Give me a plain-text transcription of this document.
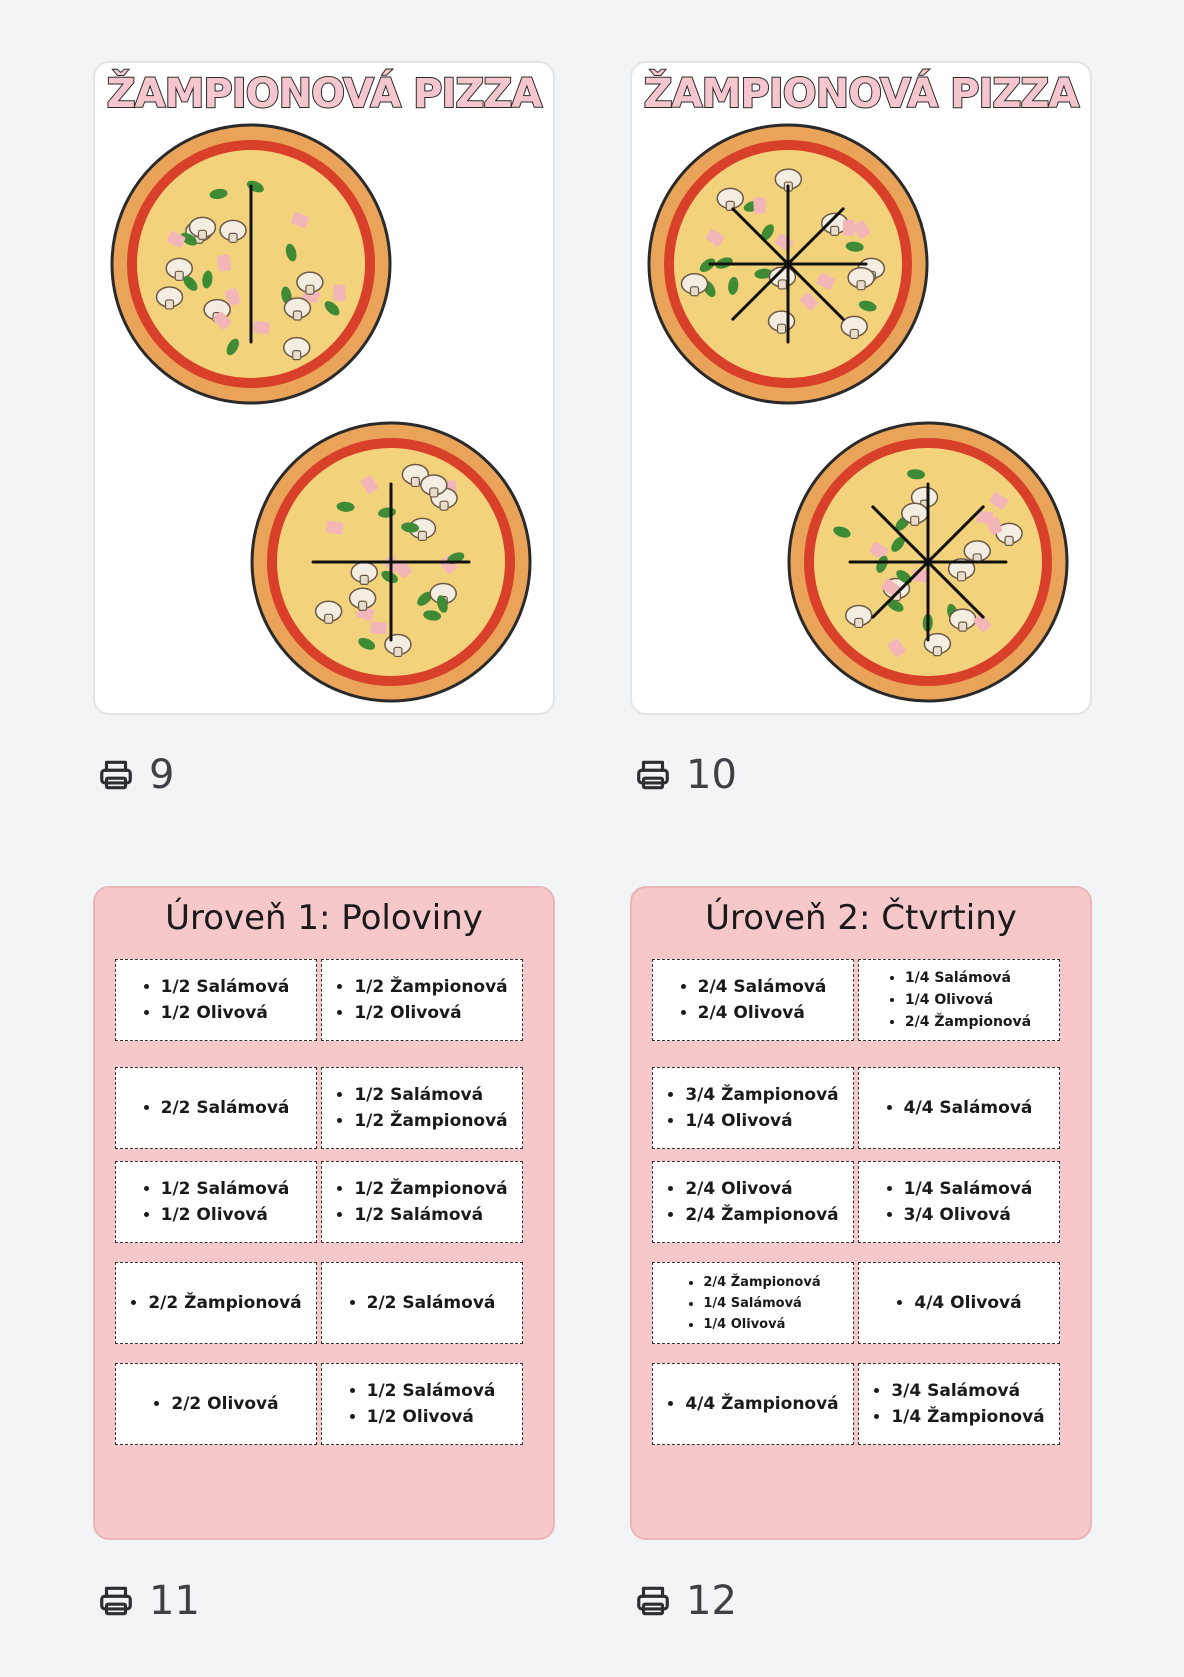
ŽAMPIONOVÁ PIZZA
9
ŽAMPIONOVÁ PIZZA
10
Úroveň 1: Poloviny
• 1/2 Salámová
• 1/2 Olivová
• 1/2 Žampionová
• 1/2 Olivová
• 2/2 Salámová
• 1/2 Salámová
• 1/2 Žampionová
• 1/2 Salámová
• 1/2 Olivová
• 1/2 Žampionová
• 1/2 Salámová
• 2/2 Žampionová
•	2/2 Salámová
• 2/2 Olivová
• 1/2 Salámová
• 1/2 Olivová
11
Úroveň 2: Čtvrtiny
• 2/4 Salámová
• 2/4 Olivová
• 1/4 Salámová
• 1/4 Olivová
• 2/4 Žampionová
• 3/4 Žampionová
• 1/4 Olivová
• 4/4 Salámová
• 2/4 Olivová
• 2/4 Žampionová
• 1/4 Salámová
• 3/4 Olivová
• 2/4 Žampionová
• 1/4 Salámová
• 1/4 Olivová
• 4/4 Olivová
• 4/4 Žampionová
• 3/4 Salámová
• 1/4 Žampionová
12
